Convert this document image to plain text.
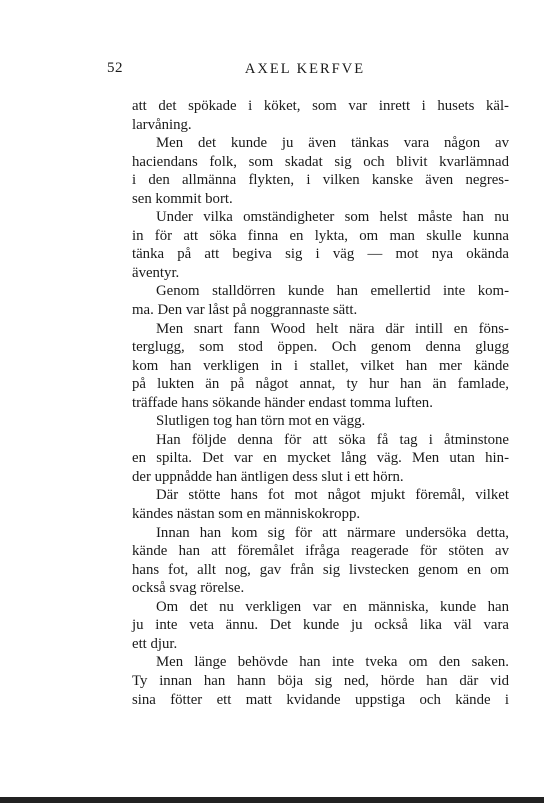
52	AXEL KERFVE
att det spökade i köket, som var inrett i husets käl-
larvåning.
Men det kunde ju även tänkas vara någon av
haciendans folk, som skadat sig och blivit kvarlämnad
i den allmänna flykten, i vilken kanske även negres-
sen kommit bort.
Under vilka omständigheter som helst måste han nu
in för att söka finna en lykta, om man skulle kunna
tänka på att begiva sig i väg — mot nya okända
äventyr.
Genom stalldörren kunde han emellertid inte kom-
ma. Den var låst på noggrannaste sätt.
Men snart fann Wood helt nära där intill en föns-
terglugg, som stod öppen. Och genom denna glugg
kom han verkligen in i stallet, vilket han mer kände
på lukten än på något annat, ty hur han än famlade,
träffade hans sökande händer endast tomma luften.
Slutligen tog han törn mot en vägg.
Han följde denna för att söka få tag i åtminstone
en spilta. Det var en mycket lång väg. Men utan hin-
der uppnådde han äntligen dess slut i ett hörn.
Där stötte hans fot mot något mjukt föremål, vilket
kändes nästan som en människokropp.
Innan han kom sig för att närmare undersöka detta,
kände han att föremålet ifråga reagerade för stöten av
hans fot, allt nog, gav från sig livstecken genom en om
också svag rörelse.
Om det nu verkligen var en människa, kunde han
ju inte veta ännu. Det kunde ju också lika väl vara
ett djur.
Men länge behövde han inte tveka om den saken.
Ty innan han hann böja sig ned, hörde han där vid
sina fötter ett matt kvidande uppstiga och kände i
